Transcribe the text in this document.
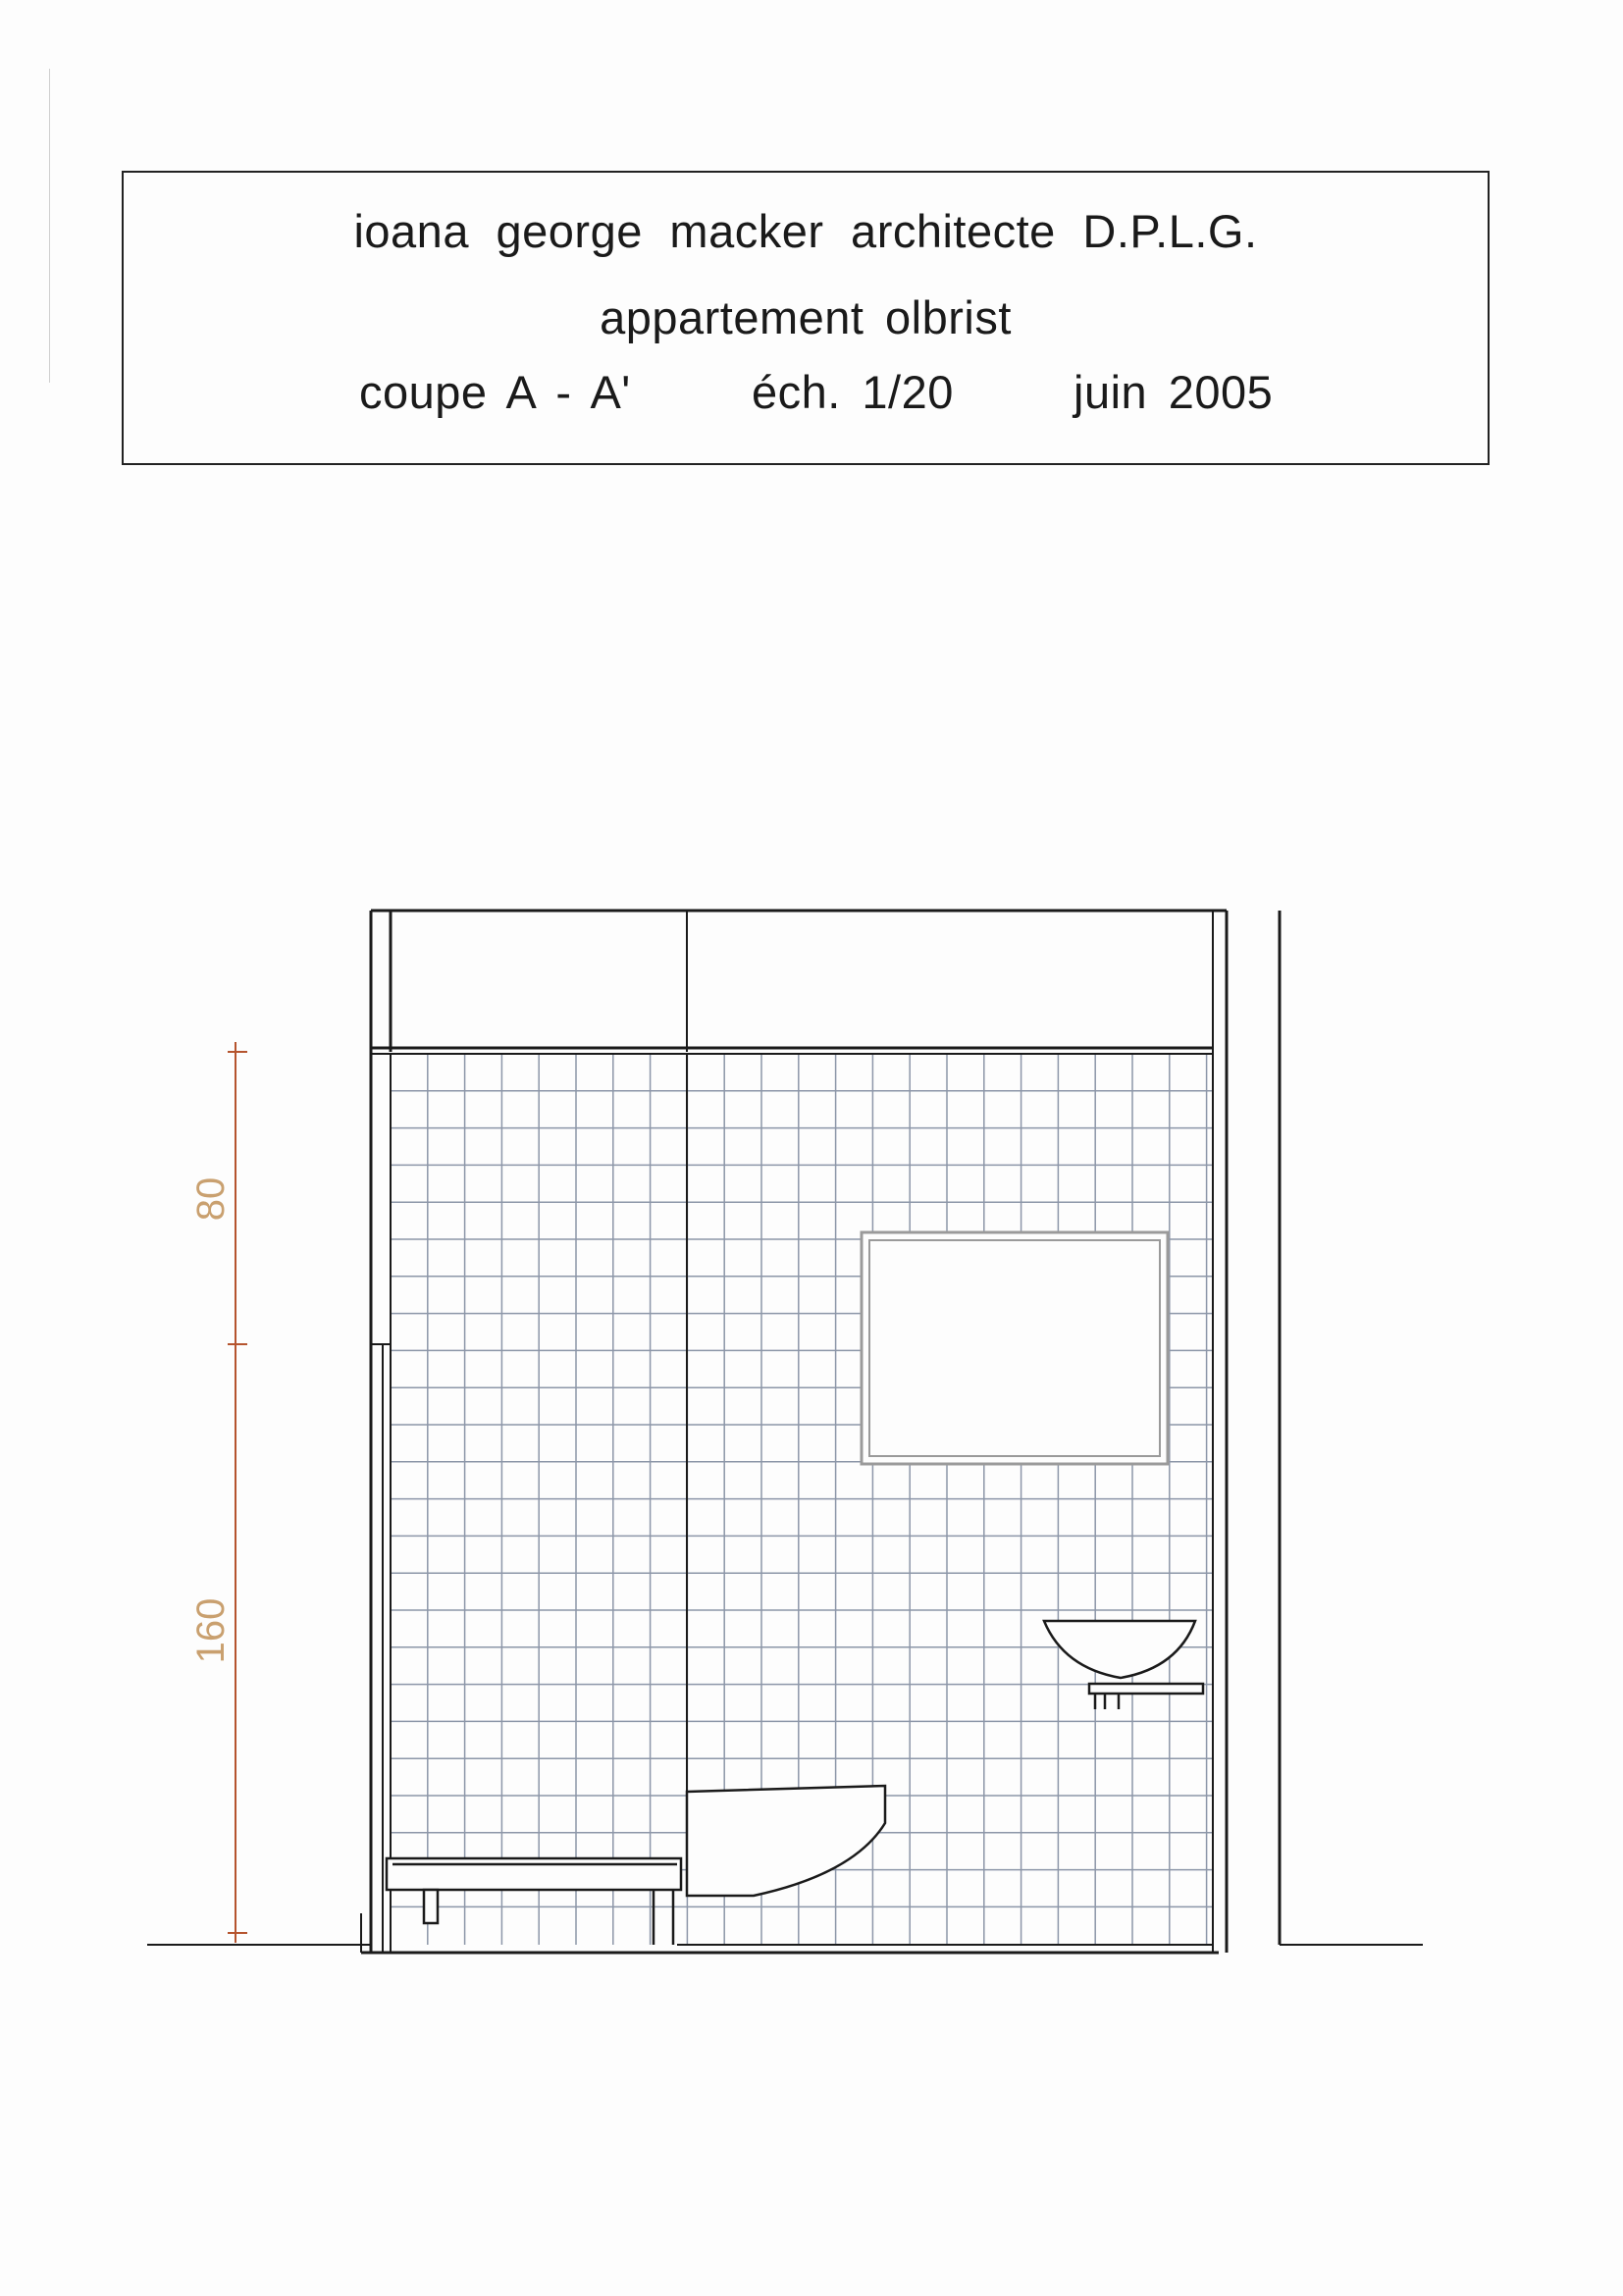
ioana george macker architecte D.P.L.G.
appartement olbrist
coupe A - A'	éch. 1/20	juin 2005
80
160
